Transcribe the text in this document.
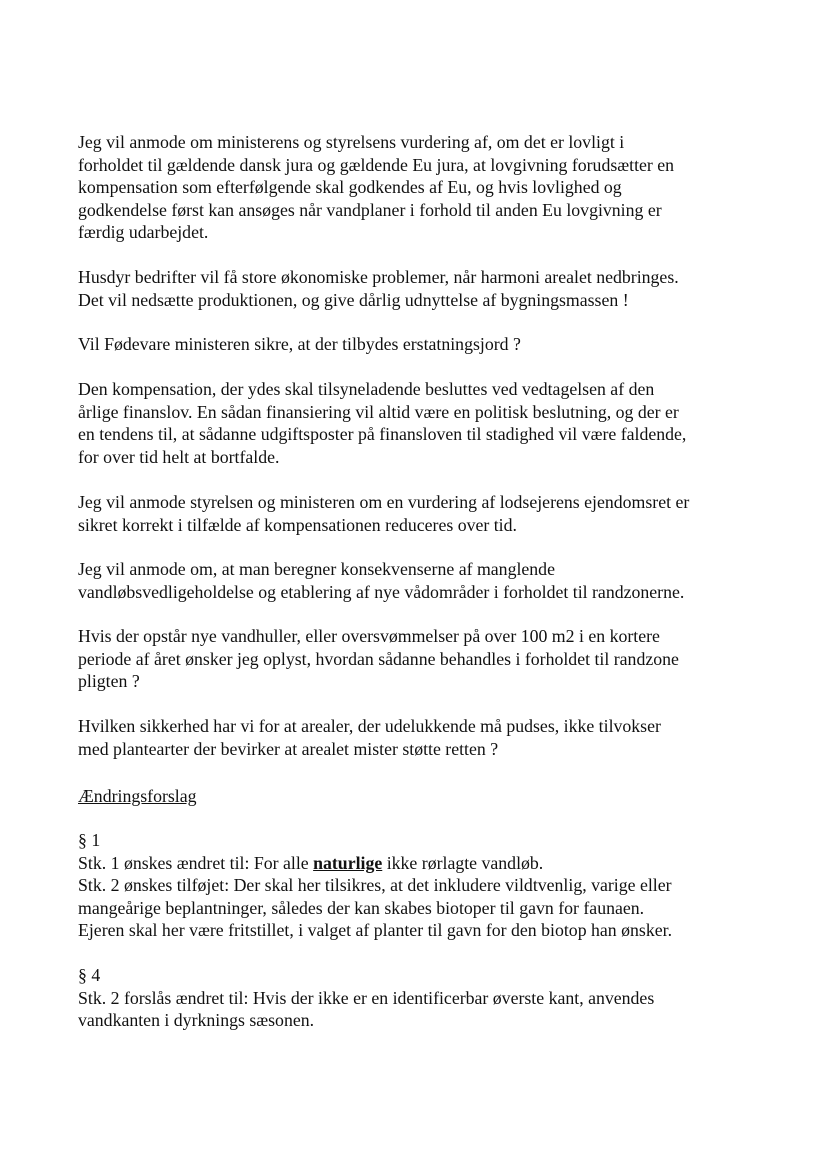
Jeg vil anmode om ministerens og styrelsens vurdering af, om det er lovligt i
forholdet til gældende dansk jura og gældende Eu jura, at lovgivning forudsætter en
kompensation som efterfølgende skal godkendes af Eu, og hvis lovlighed og
godkendelse først kan ansøges når vandplaner i forhold til anden Eu lovgivning er
færdig udarbejdet.

Husdyr bedrifter vil få store økonomiske problemer, når harmoni arealet nedbringes.
Det vil nedsætte produktionen, og give dårlig udnyttelse af bygningsmassen !

Vil Fødevare ministeren sikre, at der tilbydes erstatningsjord ?

Den kompensation, der ydes skal tilsyneladende besluttes ved vedtagelsen af den
årlige finanslov. En sådan finansiering vil altid være en politisk beslutning, og der er
en tendens til, at sådanne udgiftsposter på finansloven til stadighed vil være faldende,
for over tid helt at bortfalde.

Jeg vil anmode styrelsen og ministeren om en vurdering af lodsejerens ejendomsret er
sikret korrekt i tilfælde af kompensationen reduceres over tid.

Jeg vil anmode om, at man beregner konsekvenserne af manglende
vandløbsvedligeholdelse og etablering af nye vådområder i forholdet til randzonerne.

Hvis der opstår nye vandhuller, eller oversvømmelser på over 100 m2 i en kortere
periode af året ønsker jeg oplyst, hvordan sådanne behandles i forholdet til randzone
pligten ?

Hvilken sikkerhed har vi for at arealer, der udelukkende må pudses, ikke tilvokser
med plantearter der bevirker at arealet mister støtte retten ?

Ændringsforslag

§ 1
Stk. 1 ønskes ændret til: For alle naturlige ikke rørlagte vandløb.
Stk. 2 ønskes tilføjet: Der skal her tilsikres, at det inkludere vildtvenlig, varige eller
mangeårige beplantninger, således der kan skabes biotoper til gavn for faunaen.
Ejeren skal her være fritstillet, i valget af planter til gavn for den biotop han ønsker.

§ 4
Stk. 2 forslås ændret til: Hvis der ikke er en identificerbar øverste kant, anvendes
vandkanten i dyrknings sæsonen.
